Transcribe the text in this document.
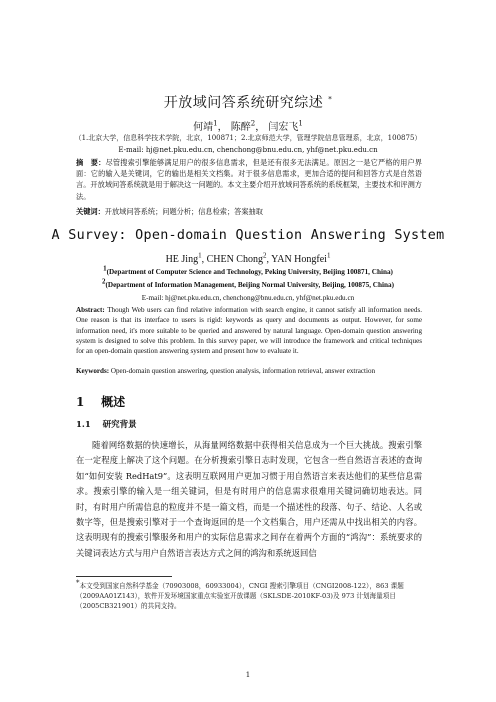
开放域问答系统研究综述 *
何靖$^1$， 陈醉$^2$， 闫宏飞$^1$
（1.北京大学，信息科学技术学院，北京，100871；2.北京师范大学，管理学院信息管理系，北京，100875）
E-mail: hj@net.pku.edu.cn, chenchong@bnu.edu.cn, yhf@net.pku.edu.cn
摘　要：尽管搜索引擎能够满足用户的很多信息需求，但是还有很多无法满足。原因之一是它严格的用户界面：它的输入是关键词，它的输出是相关文档集。对于很多信息需求，更加合适的提问和回答方式是自然语言。开放域问答系统就是用于解决这一问题的。本文主要介绍开放域问答系统的系统框架，主要技术和评测方法。
关键词：开放域问答系统；问题分析；信息检索；答案抽取
A Survey: Open-domain Question Answering System
HE Jing$^1$, CHEN Chong$^2$, YAN Hongfei$^1$
1(Department of Computer Science and Technology, Peking University, Beijing 100871, China)
2(Department of Information Management, Beijing Normal University, Beijing, 100875, China)
E-mail: hj@net.pku.edu.cn, chenchong@bnu.edu.cn, yhf@net.pku.edu.cn
Abstract: Though Web users can find relative information with search engine, it cannot satisfy all information needs. One reason is that its interface to users is rigid: keywords as query and documents as output. However, for some information need, it's more suitable to be queried and answered by natural language. Open-domain question answering system is designed to solve this problem. In this survey paper, we will introduce the framework and critical techniques for an open-domain question answering system and present how to evaluate it.
Keywords: Open-domain question answering, question analysis, information retrieval, answer extraction
1 概述
1.1 研究背景
随着网络数据的快速增长，从海量网络数据中获得相关信息成为一个巨大挑战。搜索引擎在一定程度上解决了这个问题。在分析搜索引擎日志时发现，它包含一些自然语言表述的查询如“如何安装 RedHat9”。这表明互联网用户更加习惯于用自然语言来表达他们的某些信息需求。搜索引擎的输入是一组关键词，但是有时用户的信息需求很难用关键词确切地表达。同时，有时用户所需信息的粒度并不是一篇文档，而是一个描述性的段落、句子、结论、人名或数字等，但是搜索引擎对于一个查询返回的是一个文档集合，用户还需从中找出相关的内容。这表明现有的搜索引擎服务和用户的实际信息需求之间存在着两个方面的“鸿沟”：系统要求的关键词表达方式与用户自然语言表达方式之间的鸿沟和系统返回信
*本文受到国家自然科学基金（70903008，60933004），CNGI 搜索引擎项目（CNGI2008-122），863 课题（2009AA01Z143），软件开发环境国家重点实验室开放课题（SKLSDE-2010KF-03)及 973 计划海量项目（2005CB321901）的共同支持。
1
